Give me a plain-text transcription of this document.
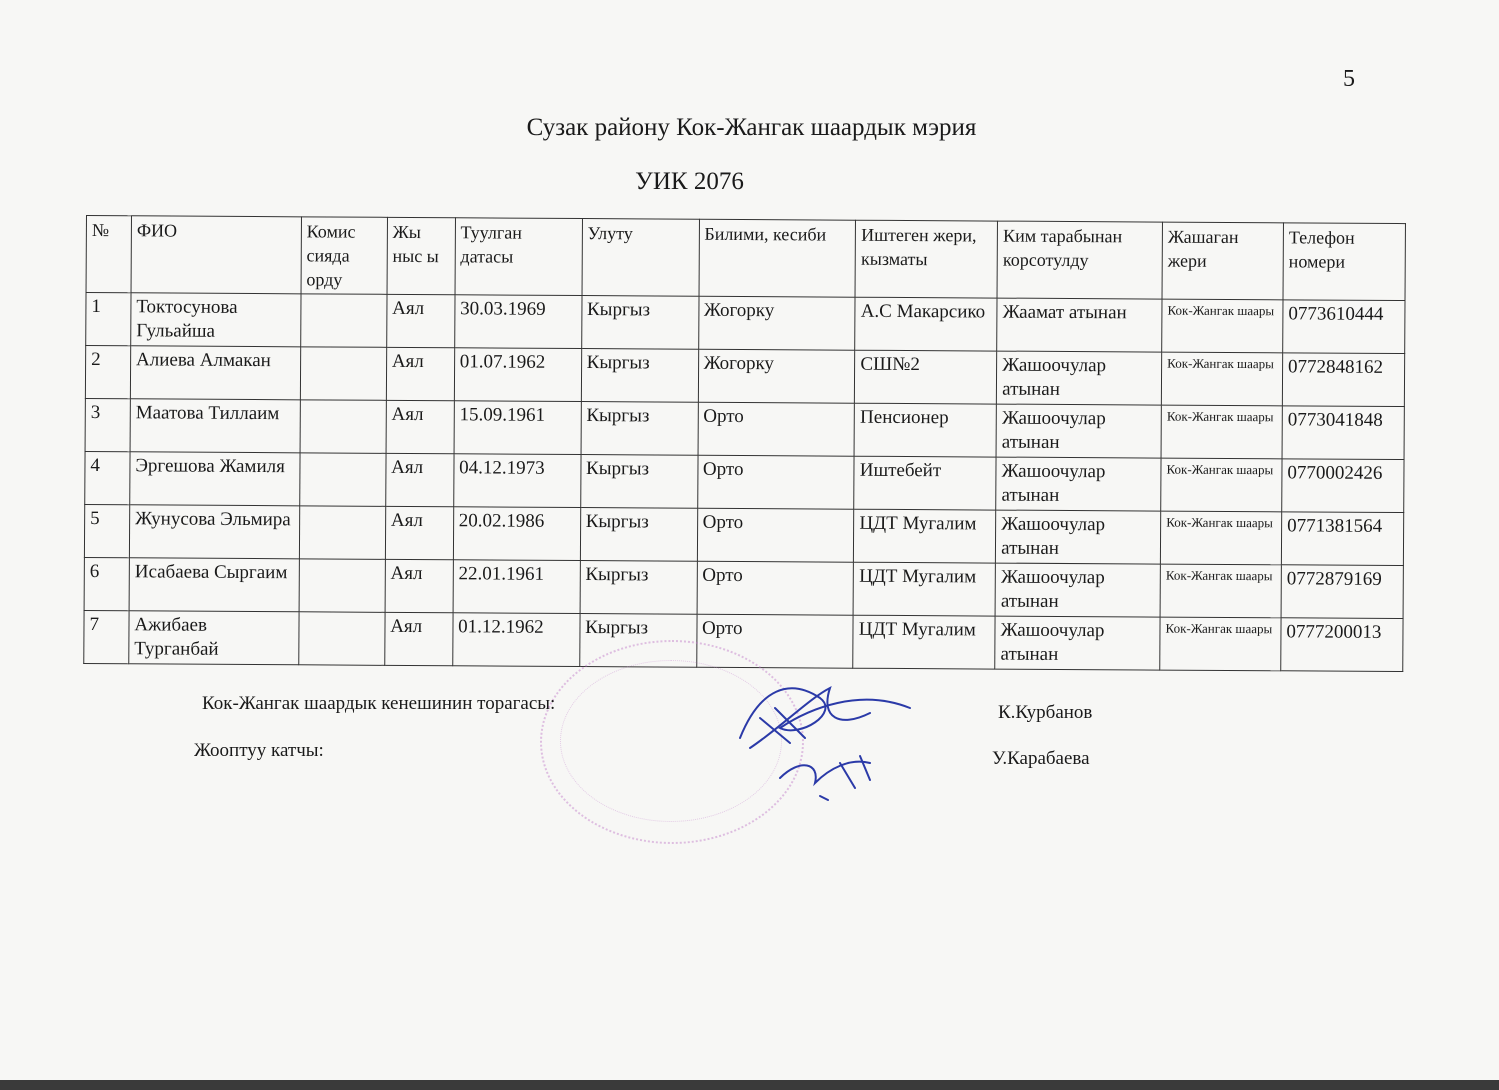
5
Сузак району Кок-Жангак шаардык мэрия
УИК 2076
№	ФИО	Комис сияда орду	Жы ныс ы	Туулган датасы	Улуту	Билими, кесиби	Иштеген жери, кызматы	Ким тарабынан корсотулду	Жашаган жери	Телефон номери
1	Токтосунова Гульайша		Аял	30.03.1969	Кыргыз	Жогорку	А.С Макарсико	Жаамат атынан	Кок-Жангак шаары	0773610444
2	Алиева Алмакан		Аял	01.07.1962	Кыргыз	Жогорку	СШ№2	Жашоочулар атынан	Кок-Жангак шаары	0772848162
3	Маатова Тиллаим		Аял	15.09.1961	Кыргыз	Орто	Пенсионер	Жашоочулар атынан	Кок-Жангак шаары	0773041848
4	Эргешова Жамиля		Аял	04.12.1973	Кыргыз	Орто	Иштебейт	Жашоочулар атынан	Кок-Жангак шаары	0770002426
5	Жунусова Эльмира		Аял	20.02.1986	Кыргыз	Орто	ЦДТ Мугалим	Жашоочулар атынан	Кок-Жангак шаары	0771381564
6	Исабаева Сыргаим		Аял	22.01.1961	Кыргыз	Орто	ЦДТ Мугалим	Жашоочулар атынан	Кок-Жангак шаары	0772879169
7	Ажибаев Турганбай		Аял	01.12.1962	Кыргыз	Орто	ЦДТ Мугалим	Жашоочулар атынан	Кок-Жангак шаары	0777200013
Кок-Жангак шаардык кенешинин торагасы:	К.Курбанов
Жооптуу катчы:	У.Карабаева
